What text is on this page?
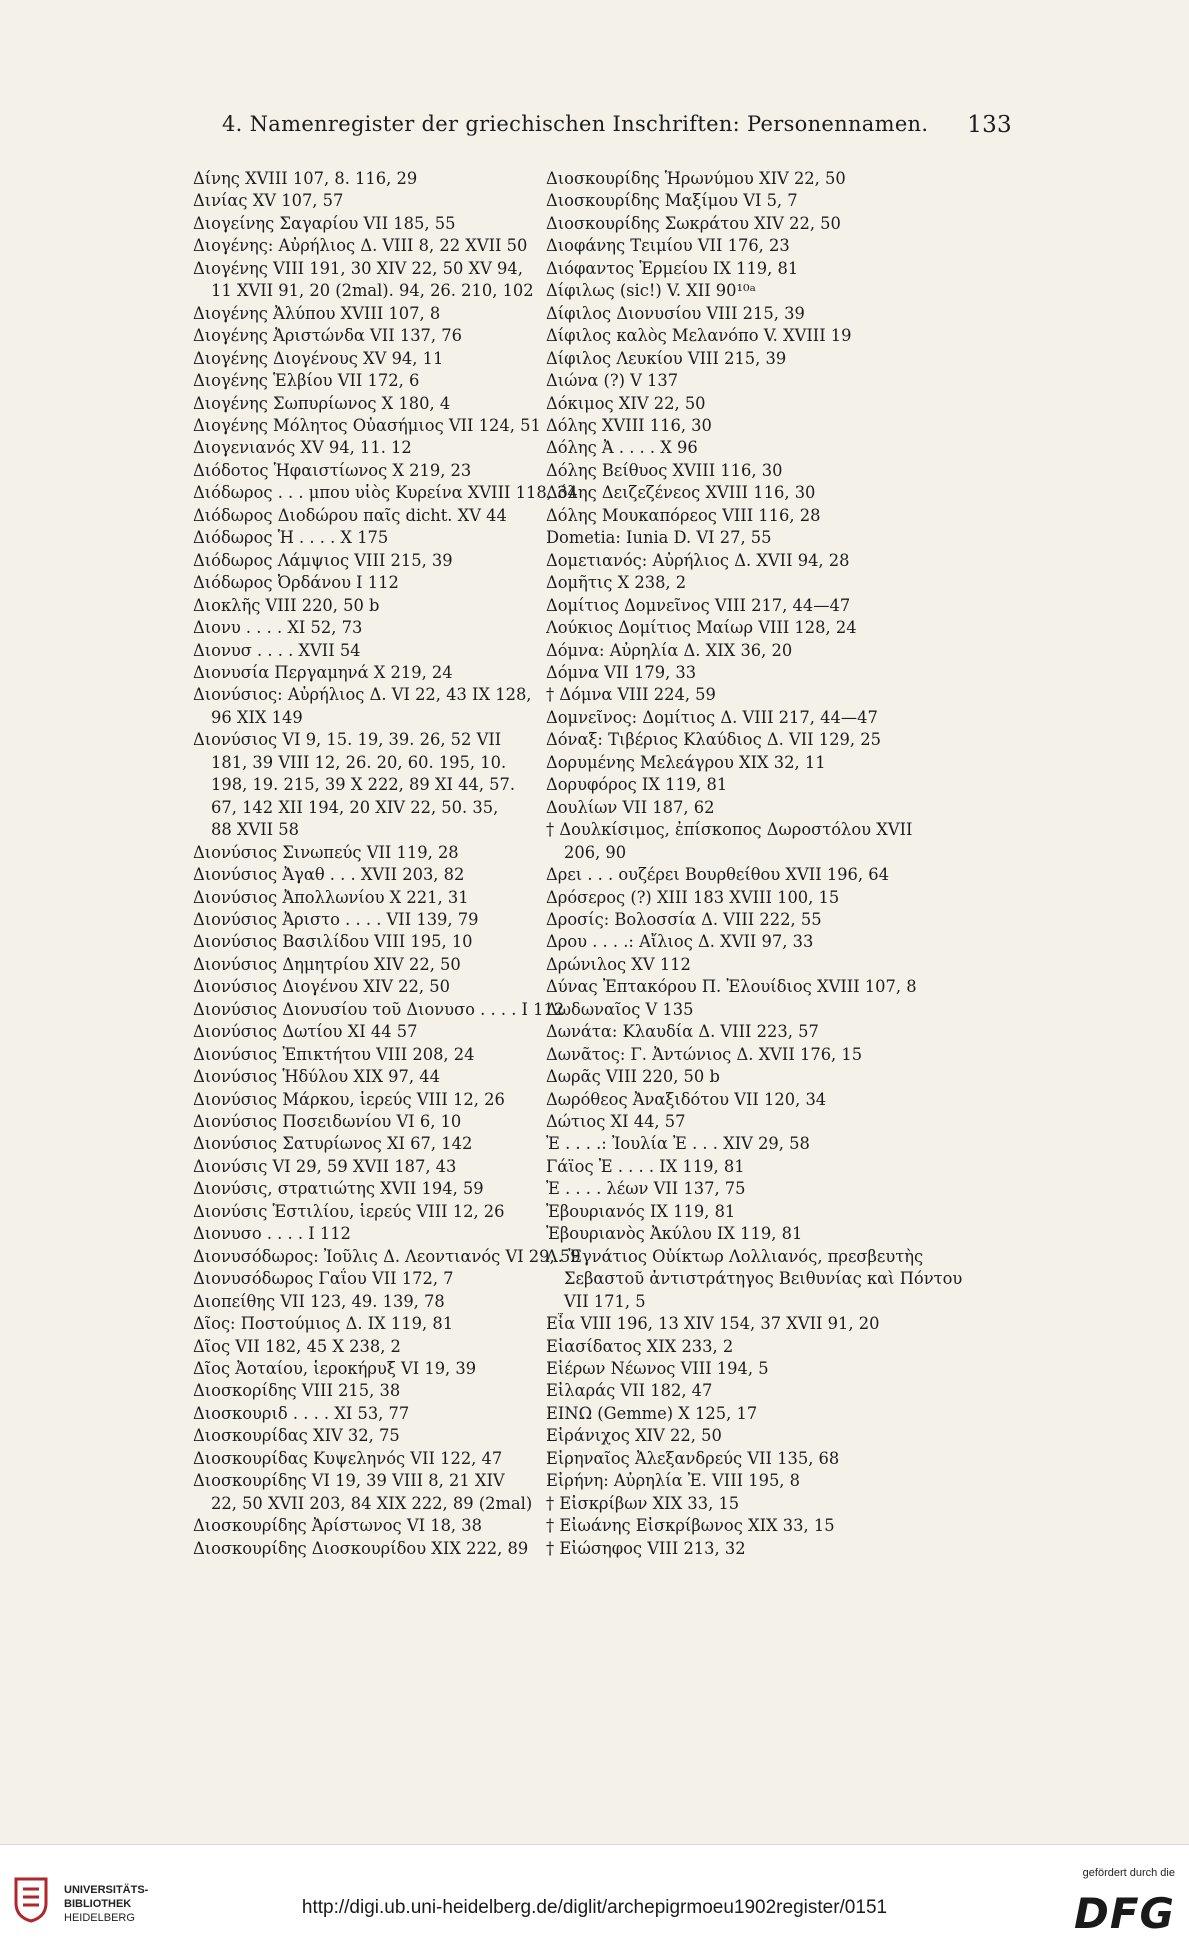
4. Namenregister der griechischen Inschriften: Personennamen. 133
Δίνης XVIII 107, 8. 116, 29
Δινίας XV 107, 57
Διογείνης Σαγαρίου VII 185, 55
Διογένης: Αὐρήλιος Δ. VIII 8, 22 XVII 50
Διογένης VIII 191, 30 XIV 22, 50 XV 94,
11 XVII 91, 20 (2mal). 94, 26. 210, 102
Διογένης Ἀλύπου XVIII 107, 8
Διογένης Ἀριστώνδα VII 137, 76
Διογένης Διογένους XV 94, 11
Διογένης Ἑλβίου VII 172, 6
Διογένης Σωπυρίωνος X 180, 4
Διογένης Μόλητος Οὐασήμιος VII 124, 51
Διογενιανός XV 94, 11. 12
Διόδοτος Ἡφαιστίωνος X 219, 23
Διόδωρος . . . μπου υἱὸς Κυρείνα XVIII 118, 34
Διόδωρος Διοδώρου παῖς dicht. XV 44
Διόδωρος Ἡ . . . . X 175
Διόδωρος Λάμψιος VIII 215, 39
Διόδωρος Ὀρδάνου I 112
Διοκλῆς VIII 220, 50 b
Διονυ . . . . XI 52, 73
Διονυσ . . . . XVII 54
Διονυσία Περγαμηνά X 219, 24
Διονύσιος: Αὐρήλιος Δ. VI 22, 43 IX 128,
96 XIX 149
Διονύσιος VI 9, 15. 19, 39. 26, 52 VII
181, 39 VIII 12, 26. 20, 60. 195, 10.
198, 19. 215, 39 X 222, 89 XI 44, 57.
67, 142 XII 194, 20 XIV 22, 50. 35,
88 XVII 58
Διονύσιος Σινωπεύς VII 119, 28
Διονύσιος Ἀγαθ . . . XVII 203, 82
Διονύσιος Ἀπολλωνίου X 221, 31
Διονύσιος Ἀριστο . . . . VII 139, 79
Διονύσιος Βασιλίδου VIII 195, 10
Διονύσιος Δημητρίου XIV 22, 50
Διονύσιος Διογένου XIV 22, 50
Διονύσιος Διονυσίου τοῦ Διονυσο . . . . I 112
Διονύσιος Δωτίου XI 44 57
Διονύσιος Ἐπικτήτου VIII 208, 24
Διονύσιος Ἡδύλου XIX 97, 44
Διονύσιος Μάρκου, ἱερεύς VIII 12, 26
Διονύσιος Ποσειδωνίου VI 6, 10
Διονύσιος Σατυρίωνος XI 67, 142
Διονύσις VI 29, 59 XVII 187, 43
Διονύσις, στρατιώτης XVII 194, 59
Διονύσις Ἑστιλίου, ἱερεύς VIII 12, 26
Διονυσο . . . . I 112
Διονυσόδωρος: Ἰοῦλις Δ. Λεοντιανός VI 29, 59
Διονυσόδωρος Γαΐου VII 172, 7
Διοπείθης VII 123, 49. 139, 78
Δῖος: Ποστούμιος Δ. IX 119, 81
Δῖος VII 182, 45 X 238, 2
Δῖος Ἀοταίου, ἱεροκήρυξ VI 19, 39
Διοσκορίδης VIII 215, 38
Διοσκουριδ . . . . XI 53, 77
Διοσκουρίδας XIV 32, 75
Διοσκουρίδας Κυψεληνός VII 122, 47
Διοσκουρίδης VI 19, 39 VIII 8, 21 XIV
22, 50 XVII 203, 84 XIX 222, 89 (2mal)
Διοσκουρίδης Ἀρίστωνος VI 18, 38
Διοσκουρίδης Διοσκουρίδου XIX 222, 89
Διοσκουρίδης Ἡρωνύμου XIV 22, 50
Διοσκουρίδης Μαξίμου VI 5, 7
Διοσκουρίδης Σωκράτου XIV 22, 50
Διοφάνης Τειμίου VII 176, 23
Διόφαντος Ἑρμείου IX 119, 81
Δίφιλως (sic!) V. XII 90¹⁰ᵃ
Δίφιλος Διονυσίου VIII 215, 39
Δίφιλος καλὸς Μελανόπο V. XVIII 19
Δίφιλος Λευκίου VIII 215, 39
Διώνα (?) V 137
Δόκιμος XIV 22, 50
Δόλης XVIII 116, 30
Δόλης Ἀ . . . . X 96
Δόλης Βείθυος XVIII 116, 30
Δόλης Δειζεζένεος XVIII 116, 30
Δόλης Μουκαπόρεος VIII 116, 28
Dometia: Iunia D. VI 27, 55
Δομετιανός: Αὐρήλιος Δ. XVII 94, 28
Δομῆτις X 238, 2
Δομίτιος Δομνεῖνος VIII 217, 44—47
Λούκιος Δομίτιος Μαίωρ VIII 128, 24
Δόμνα: Αὐρηλία Δ. XIX 36, 20
Δόμνα VII 179, 33
† Δόμνα VIII 224, 59
Δομνεῖνος: Δομίτιος Δ. VIII 217, 44—47
Δόναξ: Τιβέριος Κλαύδιος Δ. VII 129, 25
Δορυμένης Μελεάγρου XIX 32, 11
Δορυφόρος IX 119, 81
Δουλίων VII 187, 62
† Δουλκίσιμος, ἐπίσκοπος Δωροστόλου XVII
206, 90
Δρει . . . ουζέρει Βουρθείθου XVII 196, 64
Δρόσερος (?) XIII 183 XVIII 100, 15
Δροσίς: Βολοσσία Δ. VIII 222, 55
Δρου . . . .: Αἴλιος Δ. XVII 97, 33
Δρώνιλος XV 112
Δύνας Ἐπτακόρου Π. Ἐλουίδιος XVIII 107, 8
Δωδωναῖος V 135
Δωνάτα: Κλαυδία Δ. VIII 223, 57
Δωνᾶτος: Γ. Ἀντώνιος Δ. XVII 176, 15
Δωρᾶς VIII 220, 50 b
Δωρόθεος Ἀναξιδότου VII 120, 34
Δώτιος XI 44, 57
Ἐ . . . .: Ἰουλία Ἐ . . . XIV 29, 58
Γάϊος Ἐ . . . . IX 119, 81
Ἐ . . . . λέων VII 137, 75
Ἐβουριανός IX 119, 81
Ἐβουριανὸς Ἀκύλου IX 119, 81
Λ. Ἐγνάτιος Οὐίκτωρ Λολλιανός, πρεσβευτὴς
Σεβαστοῦ ἀντιστράτηγος Βειθυνίας καὶ Πόντου
VII 171, 5
Εἶα VIII 196, 13 XIV 154, 37 XVII 91, 20
Εἰασίδατος XIX 233, 2
Εἰέρων Νέωνος VIII 194, 5
Εἰλαράς VII 182, 47
ΕΙΝΩ (Gemme) X 125, 17
Εἰράνιχος XIV 22, 50
Εἰρηναῖος Ἀλεξανδρεύς VII 135, 68
Εἰρήνη: Αὐρηλία Ἐ. VIII 195, 8
† Εἰσκρίβων XIX 33, 15
† Εἰωάνης Εἰσκρίβωνος XIX 33, 15
† Εἰώσηφος VIII 213, 32
UNIVERSITÄTS-
BIBLIOTHEK
HEIDELBERG	http://digi.ub.uni-heidelberg.de/diglit/archepigrmoeu1902register/0151
gefördert durch die
DFG
